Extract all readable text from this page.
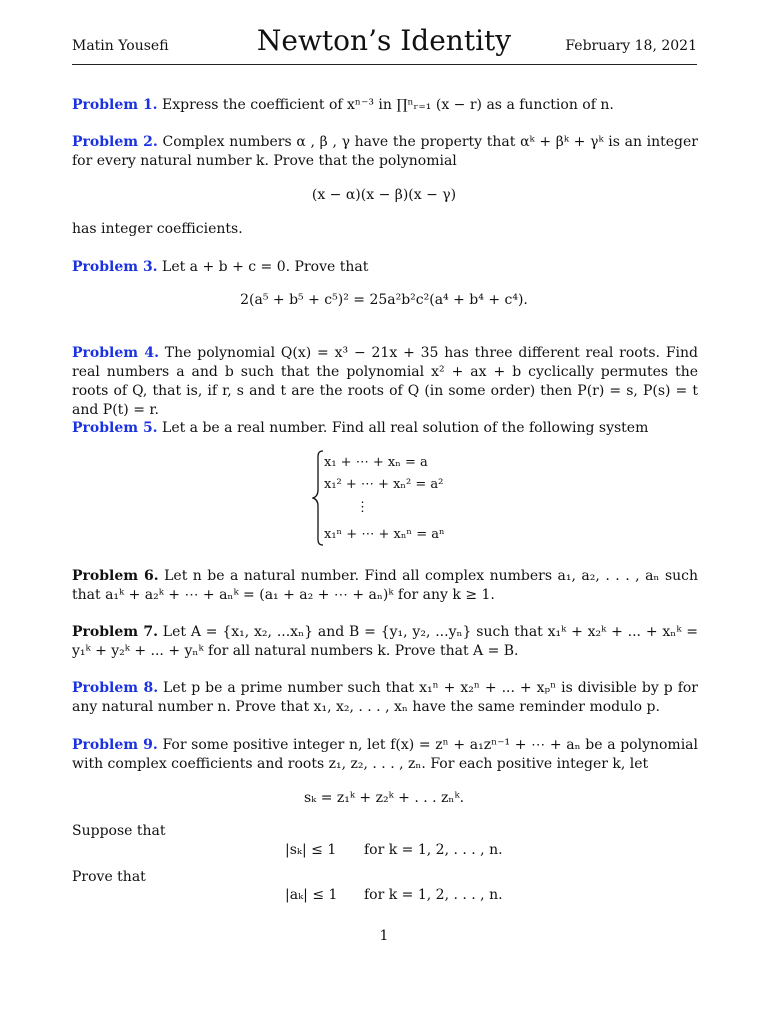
Matin Yousefi	Newton’s Identity	February 18, 2021
Problem 1. Express the coefficient of xⁿ⁻³ in ∏ⁿᵣ₌₁ (x − r) as a function of n.
Problem 2. Complex numbers α , β , γ have the property that αᵏ + βᵏ + γᵏ is an integer for every natural number k. Prove that the polynomial
(x − α)(x − β)(x − γ)
has integer coefficients.
Problem 3. Let a + b + c = 0. Prove that
2(a⁵ + b⁵ + c⁵)² = 25a²b²c²(a⁴ + b⁴ + c⁴).
Problem 4. The polynomial Q(x) = x³ − 21x + 35 has three different real roots. Find real numbers a and b such that the polynomial x² + ax + b cyclically permutes the roots of Q, that is, if r, s and t are the roots of Q (in some order) then P(r) = s, P(s) = t and P(t) = r.
Problem 5. Let a be a real number. Find all real solution of the following system
x₁ + ⋯ + xₙ = a
x₁² + ⋯ + xₙ² = a²
⋮
x₁ⁿ + ⋯ + xₙⁿ = aⁿ
Problem 6. Let n be a natural number. Find all complex numbers a₁, a₂, . . . , aₙ such that a₁ᵏ + a₂ᵏ + ⋯ + aₙᵏ = (a₁ + a₂ + ⋯ + aₙ)ᵏ for any k ≥ 1.
Problem 7. Let A = {x₁, x₂, ...xₙ} and B = {y₁, y₂, ...yₙ} such that x₁ᵏ + x₂ᵏ + ... + xₙᵏ = y₁ᵏ + y₂ᵏ + ... + yₙᵏ for all natural numbers k. Prove that A = B.
Problem 8. Let p be a prime number such that x₁ⁿ + x₂ⁿ + ... + xₚⁿ is divisible by p for any natural number n. Prove that x₁, x₂, . . . , xₙ have the same reminder modulo p.
Problem 9. For some positive integer n, let f(x) = zⁿ + a₁zⁿ⁻¹ + ⋯ + aₙ be a polynomial with complex coefficients and roots z₁, z₂, . . . , zₙ. For each positive integer k, let
sₖ = z₁ᵏ + z₂ᵏ + . . . zₙᵏ.
Suppose that
|sₖ| ≤ 1 for k = 1, 2, . . . , n.
Prove that
|aₖ| ≤ 1 for k = 1, 2, . . . , n.
1
